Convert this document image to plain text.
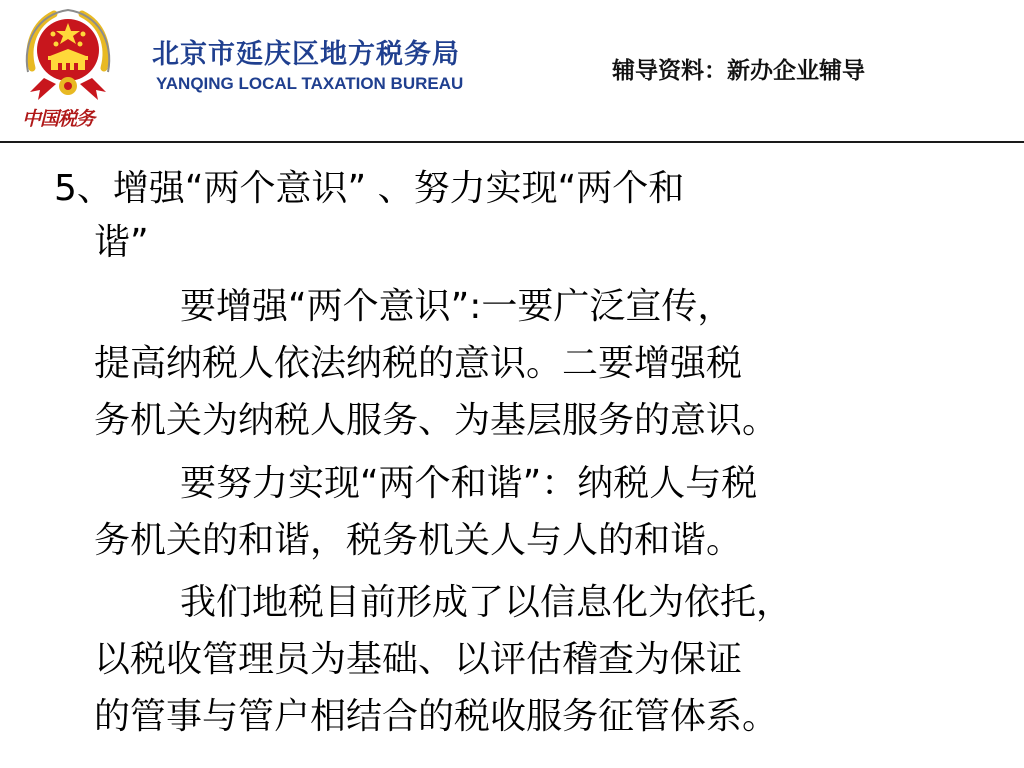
中国税务
北京市延庆区地方税务局
YANQING LOCAL TAXATION BUREAU	辅导资料：新办企业辅导
5、增强“两个意识” 、努力实现“两个和
谐”
要增强“两个意识”:一要广泛宣传，
提高纳税人依法纳税的意识。二要增强税
务机关为纳税人服务、为基层服务的意识。
要努力实现“两个和谐”：纳税人与税
务机关的和谐，税务机关人与人的和谐。
我们地税目前形成了以信息化为依托，
以税收管理员为基础、以评估稽查为保证
的管事与管户相结合的税收服务征管体系。
